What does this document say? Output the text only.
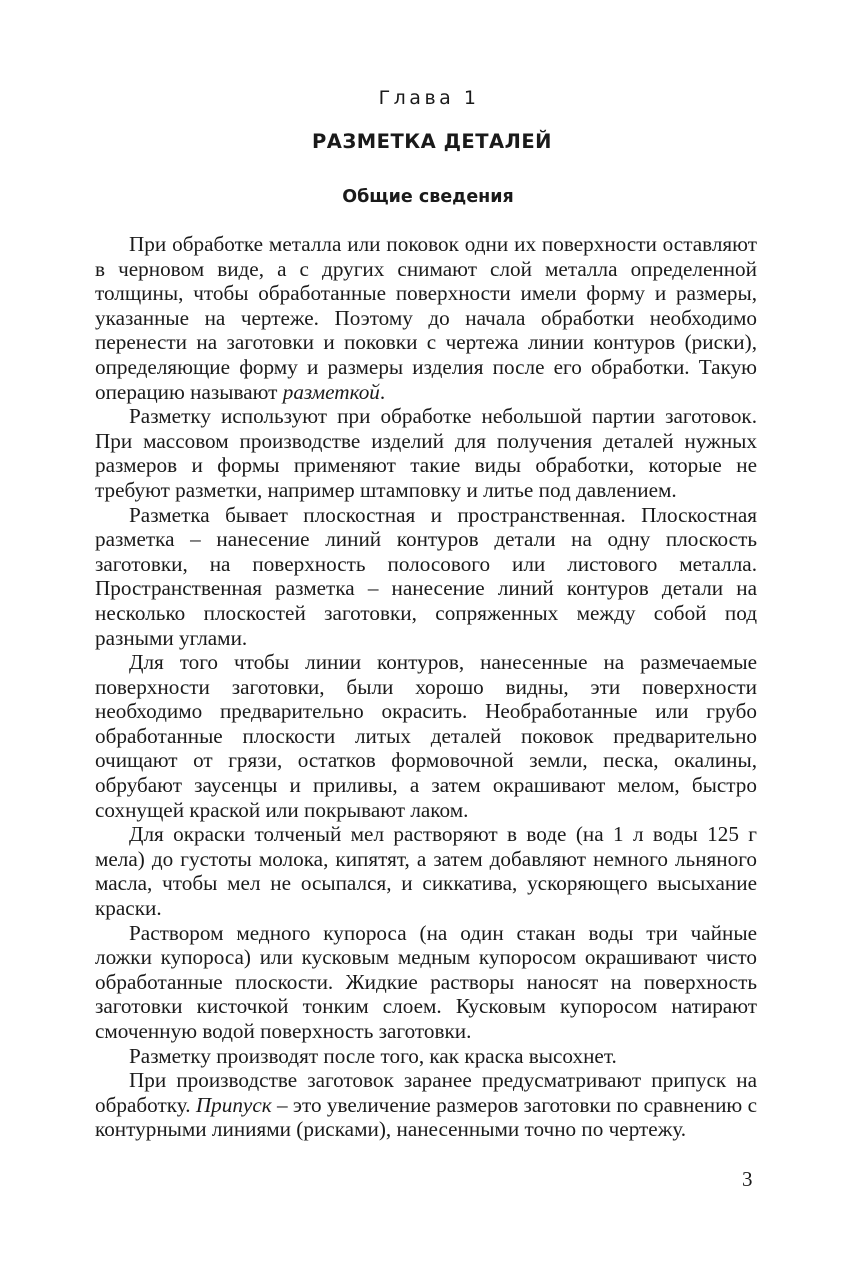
Глава 1
РАЗМЕТКА ДЕТАЛЕЙ
Общие сведения

При обработке металла или поковок одни их поверхности оставляют в черновом виде, а с других снимают слой металла определенной толщины, чтобы обработанные поверхности имели форму и размеры, указанные на чертеже. Поэтому до начала обработки необходимо перенести на заготовки и поковки с чертежа линии контуров (риски), определяющие форму и размеры изделия после его обработки. Такую операцию называют разметкой.

Разметку используют при обработке небольшой партии заготовок. При массовом производстве изделий для получения деталей нужных размеров и формы применяют такие виды обработки, которые не требуют разметки, например штамповку и литье под давлением.

Разметка бывает плоскостная и пространственная. Плоскостная разметка – нанесение линий контуров детали на одну плоскость заготовки, на поверхность полосового или листового металла. Пространственная разметка – нанесение линий контуров детали на несколько плоскостей заготовки, сопряженных между собой под разными углами.

Для того чтобы линии контуров, нанесенные на размечаемые поверхности заготовки, были хорошо видны, эти поверхности необходимо предварительно окрасить. Необработанные или грубо обработанные плоскости литых деталей поковок предварительно очищают от грязи, остатков формовочной земли, песка, окалины, обрубают заусенцы и приливы, а затем окрашивают мелом, быстро сохнущей краской или покрывают лаком.

Для окраски толченый мел растворяют в воде (на 1 л воды 125 г мела) до густоты молока, кипятят, а затем добавляют немного льняного масла, чтобы мел не осыпался, и сиккатива, ускоряющего высыхание краски.

Раствором медного купороса (на один стакан воды три чайные ложки купороса) или кусковым медным купоросом окрашивают чисто обработанные плоскости. Жидкие растворы наносят на поверхность заготовки кисточкой тонким слоем. Кусковым купоросом натирают смоченную водой поверхность заготовки.

Разметку производят после того, как краска высохнет.

При производстве заготовок заранее предусматривают припуск на обработку. Припуск – это увеличение размеров заготовки по сравнению с контурными линиями (рисками), нанесенными точно по чертежу.

3
